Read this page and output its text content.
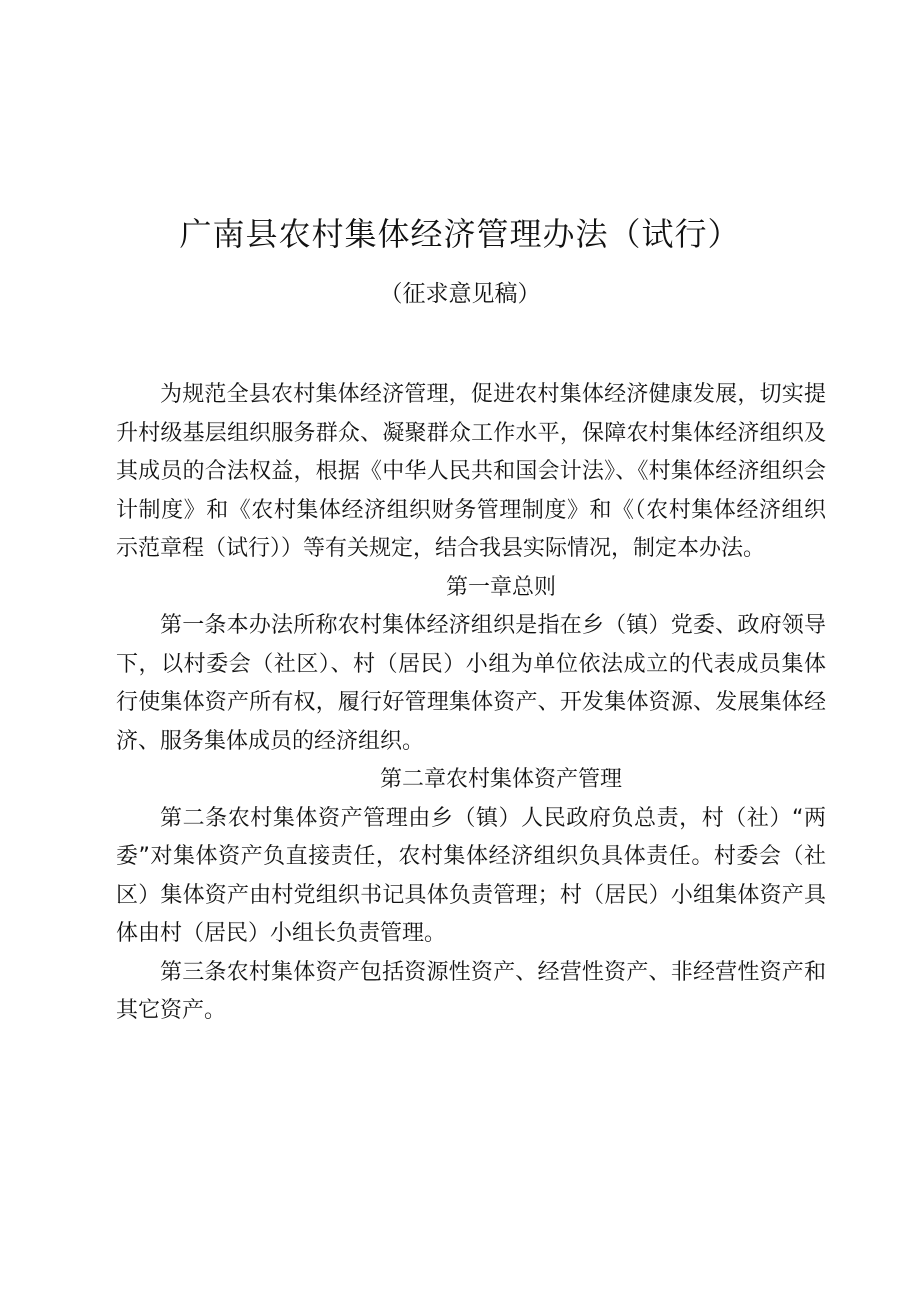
广南县农村集体经济管理办法（试行）

（征求意见稿）

为规范全县农村集体经济管理，促进农村集体经济健康发展，切实提升村级基层组织服务群众、凝聚群众工作水平，保障农村集体经济组织及其成员的合法权益，根据《中华人民共和国会计法》、《村集体经济组织会计制度》和《农村集体经济组织财务管理制度》和《（农村集体经济组织示范章程（试行））等有关规定，结合我县实际情况，制定本办法。

第一章总则

第一条本办法所称农村集体经济组织是指在乡（镇）党委、政府领导下，以村委会（社区）、村（居民）小组为单位依法成立的代表成员集体行使集体资产所有权，履行好管理集体资产、开发集体资源、发展集体经济、服务集体成员的经济组织。

第二章农村集体资产管理

第二条农村集体资产管理由乡（镇）人民政府负总责，村（社）“两委”对集体资产负直接责任，农村集体经济组织负具体责任。村委会（社区）集体资产由村党组织书记具体负责管理；村（居民）小组集体资产具体由村（居民）小组长负责管理。

第三条农村集体资产包括资源性资产、经营性资产、非经营性资产和其它资产。
